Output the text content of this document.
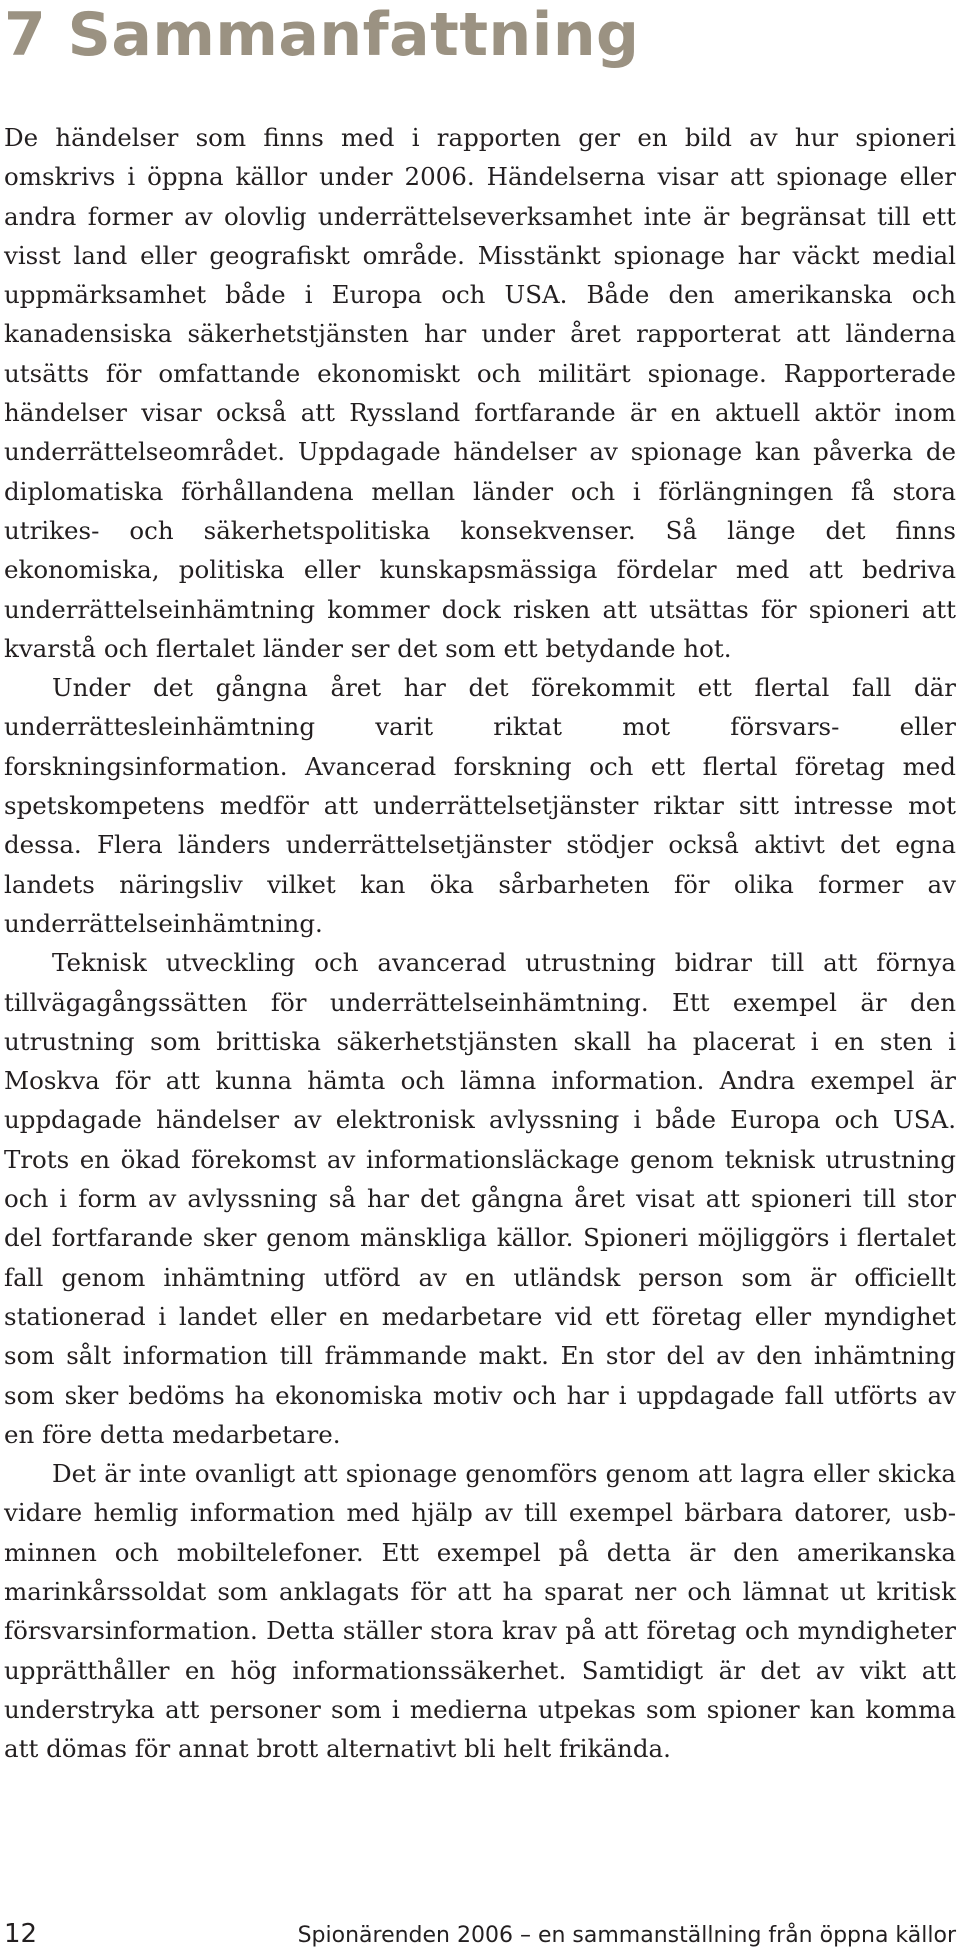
7 Sammanfattning

De händelser som finns med i rapporten ger en bild av hur spioneri omskrivs i öppna källor under 2006. Händelserna visar att spionage eller andra former av olovlig underrättelseverksamhet inte är begränsat till ett visst land eller geografiskt område. Misstänkt spionage har väckt medial uppmärksamhet både i Europa och USA. Både den amerikanska och kanadensiska säkerhetstjänsten har under året rapporterat att länderna utsätts för omfattande ekonomiskt och militärt spionage. Rapporterade händelser visar också att Ryssland fortfarande är en aktuell aktör inom underrättelseområdet. Uppdagade händelser av spionage kan påverka de diplomatiska förhållandena mellan länder och i förlängningen få stora utrikes- och säkerhetspolitiska konsekvenser. Så länge det finns ekonomiska, politiska eller kunskapsmässiga fördelar med att bedriva underrättelseinhämtning kommer dock risken att utsättas för spioneri att kvarstå och flertalet länder ser det som ett betydande hot.

Under det gångna året har det förekommit ett flertal fall där underrättesleinhämtning varit riktat mot försvars- eller forskningsinformation. Avancerad forskning och ett flertal företag med spetskompetens medför att underrättelsetjänster riktar sitt intresse mot dessa. Flera länders underrättelsetjänster stödjer också aktivt det egna landets näringsliv vilket kan öka sårbarheten för olika former av underrättelseinhämtning.

Teknisk utveckling och avancerad utrustning bidrar till att förnya tillvägagångssätten för underrättelseinhämtning. Ett exempel är den utrustning som brittiska säkerhetstjänsten skall ha placerat i en sten i Moskva för att kunna hämta och lämna information. Andra exempel är uppdagade händelser av elektronisk avlyssning i både Europa och USA. Trots en ökad förekomst av informationsläckage genom teknisk utrustning och i form av avlyssning så har det gångna året visat att spioneri till stor del fortfarande sker genom mänskliga källor. Spioneri möjliggörs i flertalet fall genom inhämtning utförd av en utländsk person som är officiellt stationerad i landet eller en medarbetare vid ett företag eller myndighet som sålt information till främmande makt. En stor del av den inhämtning som sker bedöms ha ekonomiska motiv och har i uppdagade fall utförts av en före detta medarbetare.

Det är inte ovanligt att spionage genomförs genom att lagra eller skicka vidare hemlig information med hjälp av till exempel bärbara datorer, usb-minnen och mobiltelefoner. Ett exempel på detta är den amerikanska marinkårssoldat som anklagats för att ha sparat ner och lämnat ut kritisk försvarsinformation. Detta ställer stora krav på att företag och myndigheter upprätthåller en hög informationssäkerhet. Samtidigt är det av vikt att understryka att personer som i medierna utpekas som spioner kan komma att dömas för annat brott alternativt bli helt frikända.

12	Spionärenden 2006 – en sammanställning från öppna källor
